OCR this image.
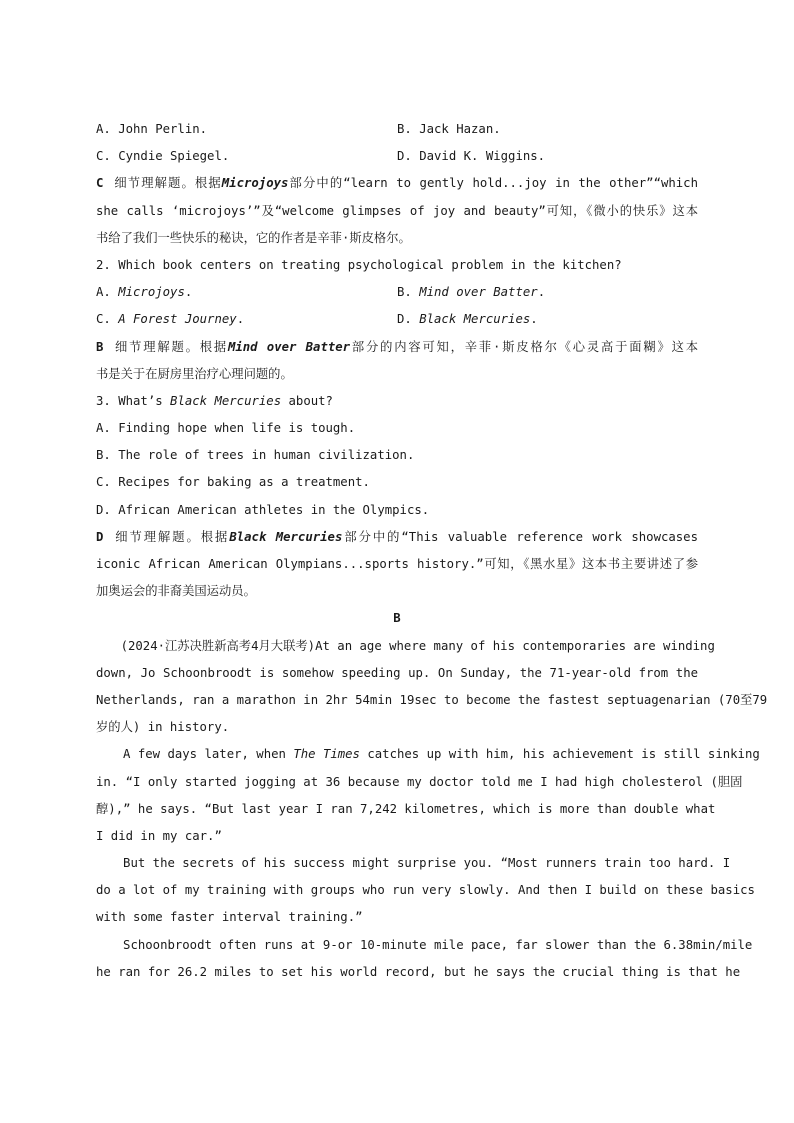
A. John Perlin.	B. Jack Hazan.
C. Cyndie Spiegel.	D. David K. Wiggins.
C 细节理解题。根据Microjoys部分中的“learn to gently hold...joy in the other”“which
she calls ‘microjoys’”及“welcome glimpses of joy and beauty”可知，《微小的快乐》这本
书给了我们一些快乐的秘诀，它的作者是辛菲·斯皮格尔。
2. Which book centers on treating psychological problem in the kitchen?
A. Microjoys.	B. Mind over Batter.
C. A Forest Journey.	D. Black Mercuries.
B 细节理解题。根据Mind over Batter部分的内容可知，辛菲·斯皮格尔《心灵高于面糊》这本
书是关于在厨房里治疗心理问题的。
3. What’s Black Mercuries about?
A. Finding hope when life is tough.
B. The role of trees in human civilization.
C. Recipes for baking as a treatment.
D. African American athletes in the Olympics.
D 细节理解题。根据Black Mercuries部分中的“This valuable reference work showcases
iconic African American Olympians...sports history.”可知，《黑水星》这本书主要讲述了参
加奥运会的非裔美国运动员。
B
(2024·江苏决胜新高考4月大联考)At an age where many of his contemporaries are winding
down, Jo Schoonbroodt is somehow speeding up. On Sunday, the 71-year-old from the
Netherlands, ran a marathon in 2hr 54min 19sec to become the fastest septuagenarian (70至79
岁的人) in history.
A few days later, when The Times catches up with him, his achievement is still sinking
in. “I only started jogging at 36 because my doctor told me I had high cholesterol (胆固
醇),” he says. “But last year I ran 7,242 kilometres, which is more than double what
I did in my car.”
But the secrets of his success might surprise you. “Most runners train too hard. I
do a lot of my training with groups who run very slowly. And then I build on these basics
with some faster interval training.”
Schoonbroodt often runs at 9-or 10-minute mile pace, far slower than the 6.38min/mile
he ran for 26.2 miles to set his world record, but he says the crucial thing is that he
